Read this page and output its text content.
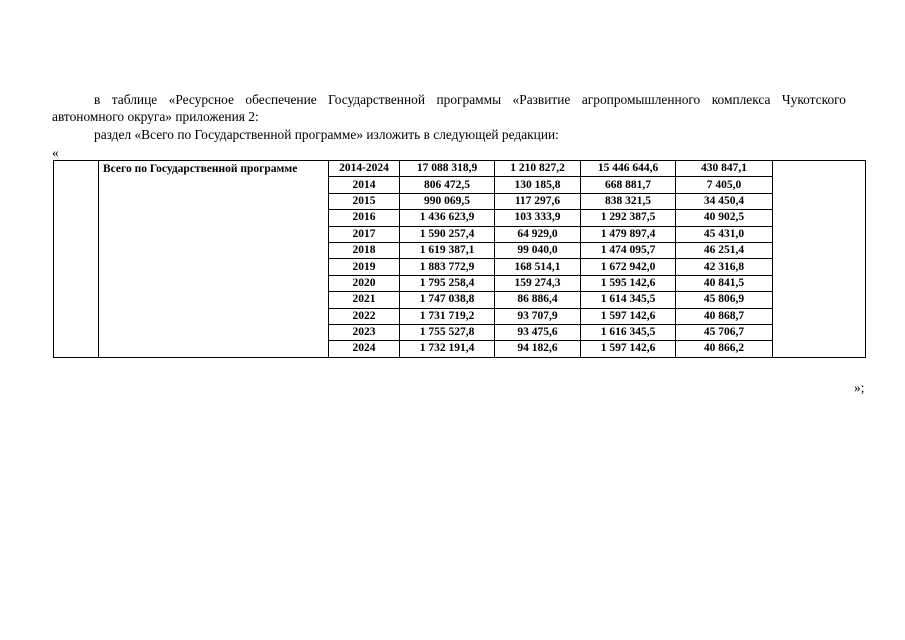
в таблице «Ресурсное обеспечение Государственной программы «Развитие агропромышленного комплекса Чукотского автономного округа» приложения 2:

раздел «Всего по Государственной программе» изложить в следующей редакции:

«
	Всего по Государственной программе	2014-2024	17 088 318,9	1 210 827,2	15 446 644,6	430 847,1	
		2014	806 472,5	130 185,8	668 881,7	7 405,0	
		2015	990 069,5	117 297,6	838 321,5	34 450,4	
		2016	1 436 623,9	103 333,9	1 292 387,5	40 902,5	
		2017	1 590 257,4	64 929,0	1 479 897,4	45 431,0	
		2018	1 619 387,1	99 040,0	1 474 095,7	46 251,4	
		2019	1 883 772,9	168 514,1	1 672 942,0	42 316,8	
		2020	1 795 258,4	159 274,3	1 595 142,6	40 841,5	
		2021	1 747 038,8	86 886,4	1 614 345,5	45 806,9	
		2022	1 731 719,2	93 707,9	1 597 142,6	40 868,7	
		2023	1 755 527,8	93 475,6	1 616 345,5	45 706,7	
		2024	1 732 191,4	94 182,6	1 597 142,6	40 866,2	
»;
